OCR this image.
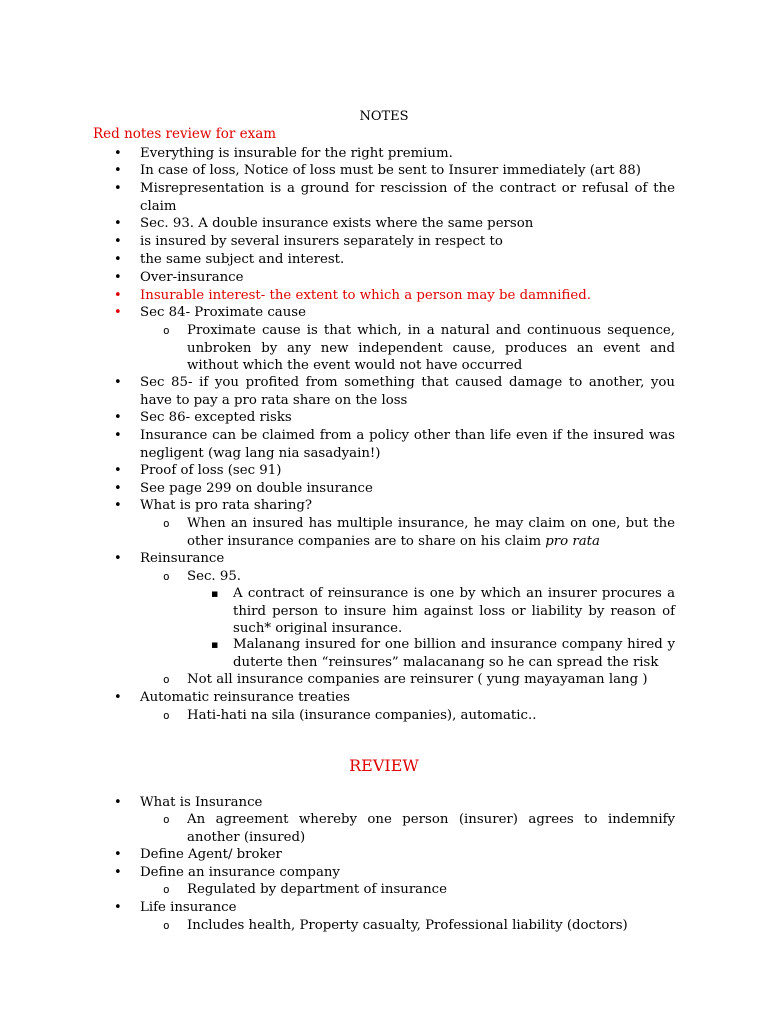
NOTES
Red notes review for exam
•
Everything is insurable for the right premium.
•
In case of loss, Notice of loss must be sent to Insurer immediately (art 88)
•
Misrepresentation is a ground for rescission of the contract or refusal of the claim
•
Sec. 93. A double insurance exists where the same person
•
is insured by several insurers separately in respect to
•
the same subject and interest.
•
Over-insurance
•
Insurable interest- the extent to which a person may be damnified.
•
Sec 84- Proximate cause
o
Proximate cause is that which, in a natural and continuous sequence, unbroken by any new independent cause, produces an event and without which the event would not have occurred
•
Sec 85- if you profited from something that caused damage to another, you have to pay a pro rata share on the loss
•
Sec 86- excepted risks
•
Insurance can be claimed from a policy other than life even if the insured was negligent (wag lang nia sasadyain!)
•
Proof of loss (sec 91)
•
See page 299 on double insurance
•
What is pro rata sharing?
o
When an insured has multiple insurance, he may claim on one, but the other insurance companies are to share on his claim pro rata
•
Reinsurance
o
Sec. 95.
▪
A contract of reinsurance is one by which an insurer procures a third person to insure him against loss or liability by reason of such* original insurance.
▪
Malanang insured for one billion and insurance company hired y duterte then “reinsures” malacanang so he can spread the risk
o
Not all insurance companies are reinsurer ( yung mayayaman lang )
•
Automatic reinsurance treaties
o
Hati-hati na sila (insurance companies), automatic..
REVIEW
•
What is Insurance
o
An agreement whereby one person (insurer) agrees to indemnify another (insured)
•
Define Agent/ broker
•
Define an insurance company
o
Regulated by department of insurance
•
Life insurance
o
Includes health, Property casualty, Professional liability (doctors)
